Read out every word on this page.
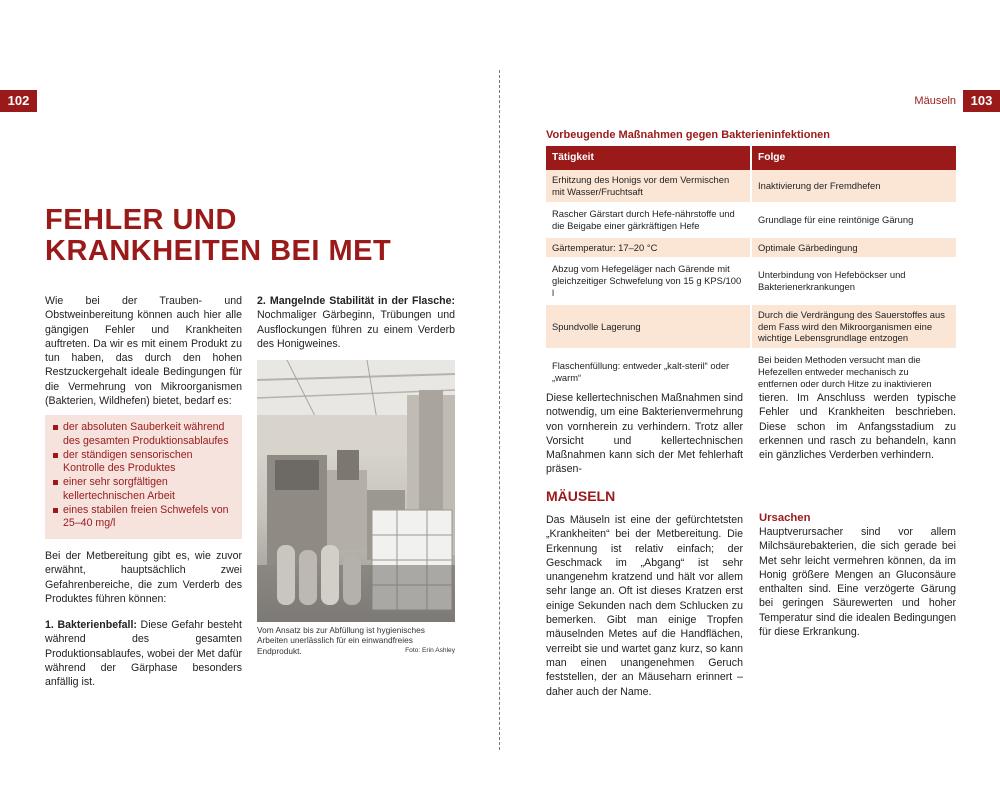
102	103
Mäuseln
FEHLER UND
KRANKHEITEN BEI MET

Wie bei der Trauben- und Obstweinbereitung können auch hier alle gängigen Fehler und Krankheiten auftreten. Da wir es mit einem Produkt zu tun haben, das durch den hohen Restzuckergehalt ideale Bedingungen für die Vermehrung von Mikroorganismen (Bakterien, Wildhefen) bietet, bedarf es:

der absoluten Sauberkeit während des gesamten Produktionsablaufes
der ständigen sensorischen Kontrolle des Produktes
einer sehr sorgfältigen kellertechnischen Arbeit
eines stabilen freien Schwefels von 25–40 mg/l

Bei der Metbereitung gibt es, wie zuvor erwähnt, hauptsächlich zwei Gefahrenbereiche, die zum Verderb des Produktes führen können:

1. Bakterienbefall: Diese Gefahr besteht während des gesamten Produktionsablaufes, wobei der Met dafür während der Gärphase besonders anfällig ist.

2. Mangelnde Stabilität in der Flasche: Nochmaliger Gärbeginn, Trübungen und Ausflockungen führen zu einem Verderb des Honigweines.

Vom Ansatz bis zur Abfüllung ist hygienisches Arbeiten unerlässlich für ein einwandfreies Endprodukt.	Foto: Erin Ashley
Vorbeugende Maßnahmen gegen Bakterieninfektionen
Tätigkeit	Folge
Erhitzung des Honigs vor dem Vermischen mit Wasser/Fruchtsaft	Inaktivierung der Fremdhefen
Rascher Gärstart durch Hefe-nährstoffe und die Beigabe einer gärkräftigen Hefe	Grundlage für eine reintönige Gärung
Gärtemperatur: 17–20 °C	Optimale Gärbedingung
Abzug vom Hefegeläger nach Gärende mit gleichzeitiger Schwefelung von 15 g KPS/100 l	Unterbindung von Hefeböckser und Bakterienerkrankungen
Spundvolle Lagerung	Durch die Verdrängung des Sauerstoffes aus dem Fass wird den Mikroorganismen eine wichtige Lebensgrundlage entzogen
Flaschenfüllung: entweder „kalt-steril“ oder „warm“	Bei beiden Methoden versucht man die Hefezellen entweder mechanisch zu entfernen oder durch Hitze zu inaktivieren

Diese kellertechnischen Maßnahmen sind notwendig, um eine Bakterienvermehrung von vornherein zu verhindern. Trotz aller Vorsicht und kellertechnischen Maßnahmen kann sich der Met fehlerhaft präsen-

tieren. Im Anschluss werden typische Fehler und Krankheiten beschrieben. Diese schon im Anfangsstadium zu erkennen und rasch zu behandeln, kann ein gänzliches Verderben verhindern.

MÄUSELN

Das Mäuseln ist eine der gefürchtetsten „Krankheiten“ bei der Metbereitung. Die Erkennung ist relativ einfach; der Geschmack im „Abgang“ ist sehr unangenehm kratzend und hält vor allem sehr lange an. Oft ist dieses Kratzen erst einige Sekunden nach dem Schlucken zu bemerken. Gibt man einige Tropfen mäuselnden Metes auf die Handflächen, verreibt sie und wartet ganz kurz, so kann man einen unangenehmen Geruch feststellen, der an Mäuseharn erinnert – daher auch der Name.

Ursachen

Hauptverursacher sind vor allem Milchsäurebakterien, die sich gerade bei Met sehr leicht vermehren können, da im Honig größere Mengen an Gluconsäure enthalten sind. Eine verzögerte Gärung bei geringen Säurewerten und hoher Temperatur sind die idealen Bedingungen für diese Erkrankung.
